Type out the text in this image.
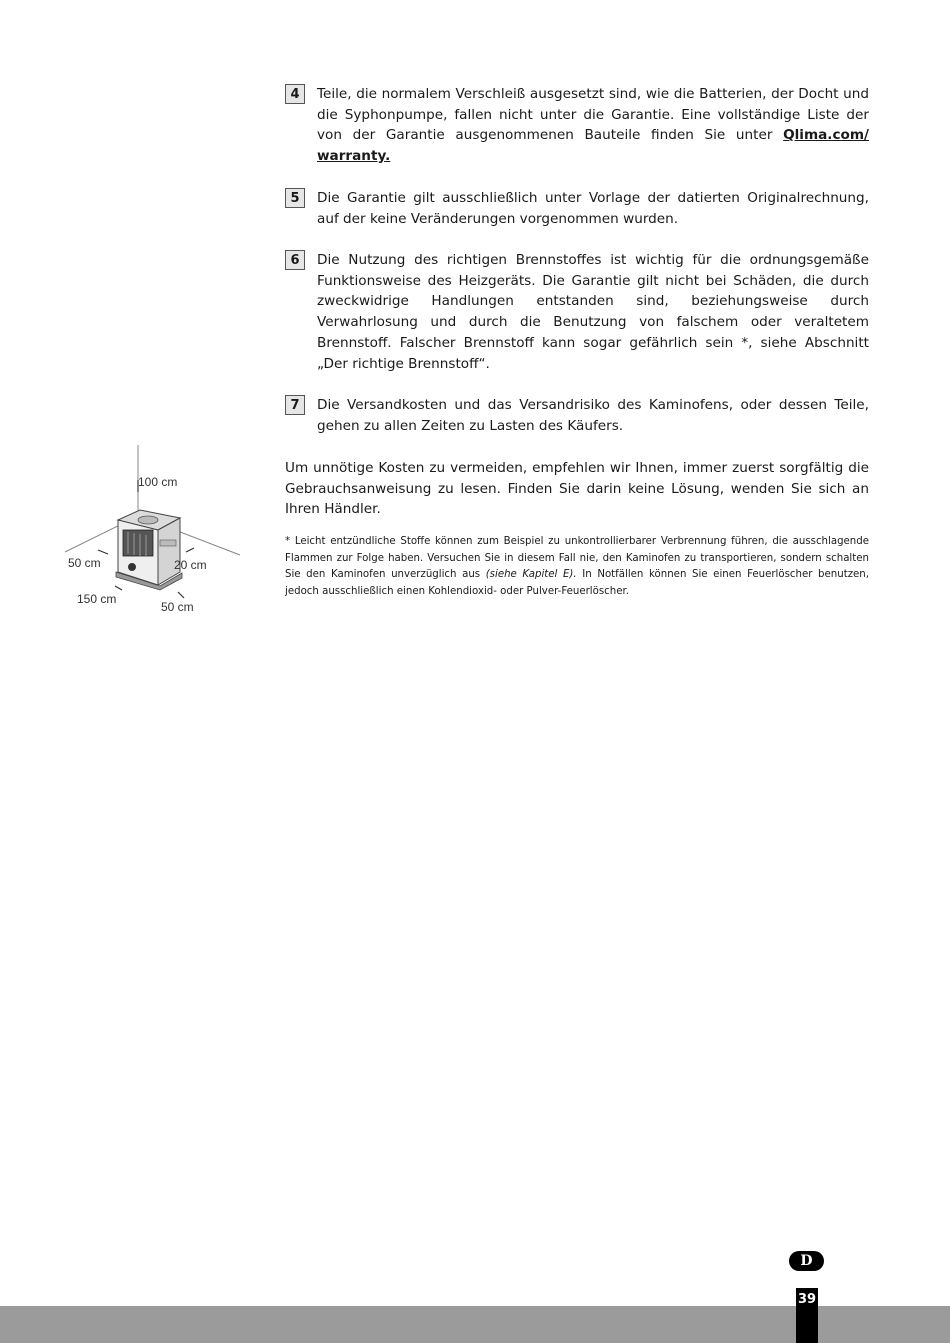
4	Teile, die normalem Verschleiß ausgesetzt sind, wie die Batterien, der Docht und die Syphonpumpe, fallen nicht unter die Garantie. Eine vollständige Liste der von der Garantie ausgenommenen Bauteile finden Sie unter Qlima.com/ warranty.
5	Die Garantie gilt ausschließlich unter Vorlage der datierten Originalrechnung, auf der keine Veränderungen vorgenommen wurden.
6	Die Nutzung des richtigen Brennstoffes ist wichtig für die ordnungsgemäße Funktionsweise des Heizgeräts. Die Garantie gilt nicht bei Schäden, die durch zweckwidrige Handlungen entstanden sind, beziehungsweise durch Verwahrlosung und durch die Benutzung von falschem oder veraltetem Brennstoff. Falscher Brennstoff kann sogar gefährlich sein *, siehe Abschnitt „Der richtige Brennstoff“.
7	Die Versandkosten und das Versandrisiko des Kaminofens, oder dessen Teile, gehen zu allen Zeiten zu Lasten des Käufers.
Um unnötige Kosten zu vermeiden, empfehlen wir Ihnen, immer zuerst sorgfältig die Gebrauchsanweisung zu lesen. Finden Sie darin keine Lösung, wenden Sie sich an Ihren Händler.
* Leicht entzündliche Stoffe können zum Beispiel zu unkontrollierbarer Verbrennung führen, die ausschlagende Flammen zur Folge haben. Versuchen Sie in diesem Fall nie, den Kaminofen zu transportieren, sondern schalten Sie den Kaminofen unverzüglich aus (siehe Kapitel E). In Notfällen können Sie einen Feuerlöscher benutzen, jedoch ausschließlich einen Kohlendioxid- oder Pulver-Feuerlöscher.
100 cm
50 cm	20 cm
150 cm
50 cm
D
39
